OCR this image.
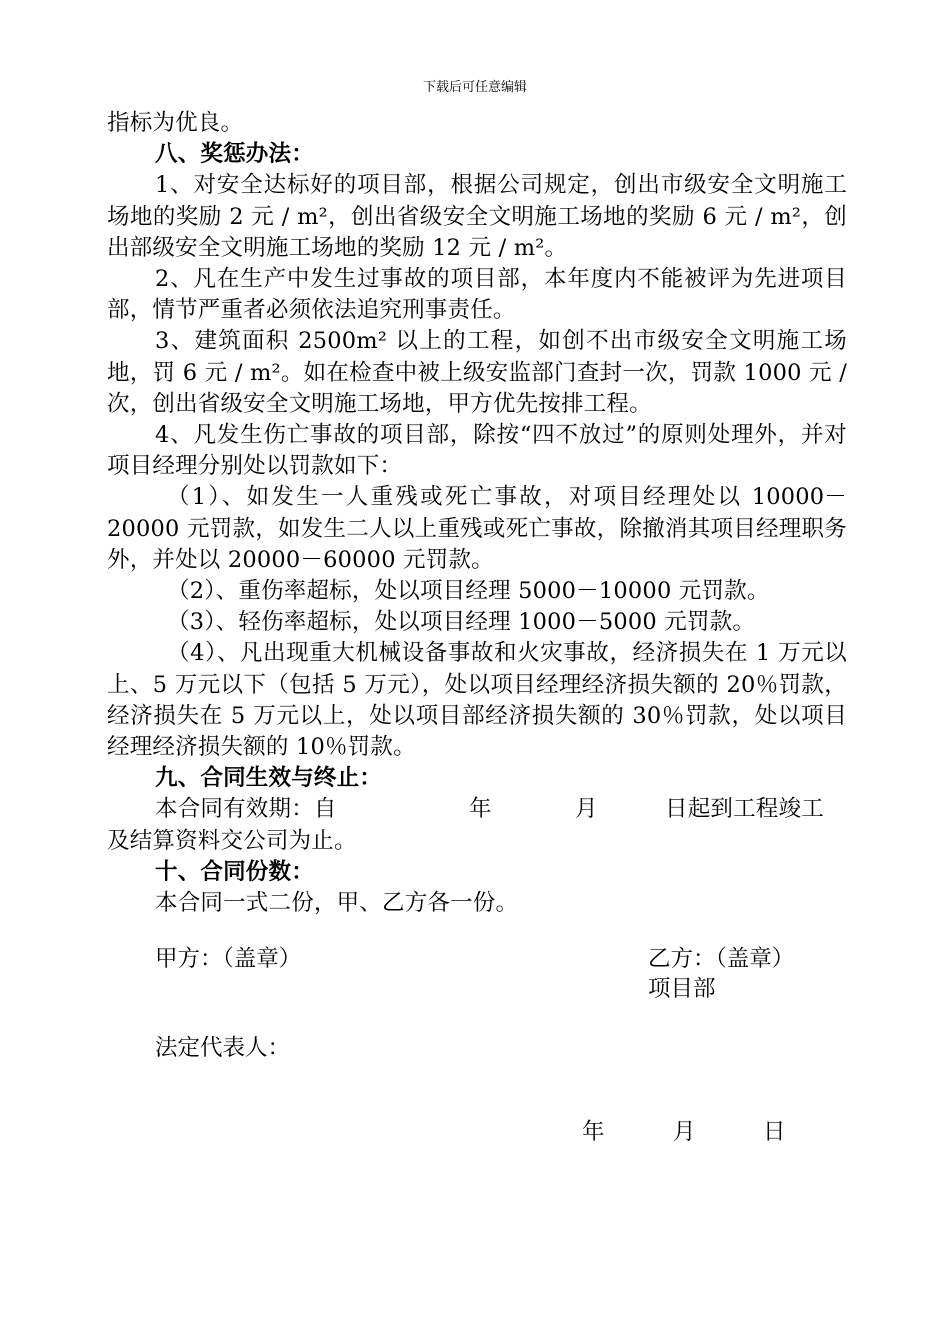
下载后可任意编辑

指标为优良。

八、奖惩办法：

1、对安全达标好的项目部，根据公司规定，创出市级安全文明施工场地的奖励 2 元 / m²，创出省级安全文明施工场地的奖励 6 元 / m²，创出部级安全文明施工场地的奖励 12 元 / m²。

2、凡在生产中发生过事故的项目部，本年度内不能被评为先进项目部，情节严重者必须依法追究刑事责任。

3、建筑面积 2500m² 以上的工程，如创不出市级安全文明施工场地，罚 6 元 / m²。如在检查中被上级安监部门查封一次，罚款 1000 元 / 次，创出省级安全文明施工场地，甲方优先按排工程。

4、凡发生伤亡事故的项目部，除按“四不放过”的原则处理外，并对项目经理分别处以罚款如下：

（1）、如发生一人重残或死亡事故，对项目经理处以 10000－20000 元罚款，如发生二人以上重残或死亡事故，除撤消其项目经理职务外，并处以 20000－60000 元罚款。

（2）、重伤率超标，处以项目经理 5000－10000 元罚款。

（3）、轻伤率超标，处以项目经理 1000－5000 元罚款。

（4）、凡出现重大机械设备事故和火灾事故，经济损失在 1 万元以上、5 万元以下（包括 5 万元），处以项目经理经济损失额的 20％罚款，经济损失在 5 万元以上，处以项目部经济损失额的 30％罚款，处以项目经理经济损失额的 10％罚款。

九、合同生效与终止：

本合同有效期：自	年	月	日起到工程竣工

及结算资料交公司为止。

十、合同份数：

本合同一式二份，甲、乙方各一份。

甲方：（盖章）	乙方：（盖章）
项目部
法定代表人：
年	月	日
